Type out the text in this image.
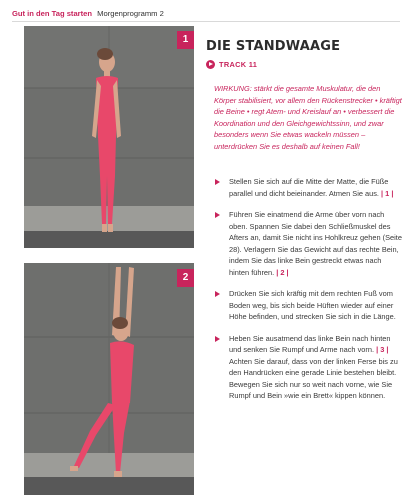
Gut in den Tag starten Morgenprogramm 2
1
2
DIE STANDWAAGE
TRACK 11
WIRKUNG: stärkt die gesamte Muskulatur, die den Körper stabilisiert, vor allem den Rückenstrecker • kräftigt die Beine • regt Atem- und Kreislauf an • verbessert die Koordination und den Gleichgewichtssinn, und zwar besonders wenn Sie etwas wackeln müssen – unterdrücken Sie es deshalb auf keinen Fall!
Stellen Sie sich auf die Mitte der Matte, die Füße parallel und dicht beieinander. Atmen Sie aus. | 1 |
Führen Sie einatmend die Arme über vorn nach oben. Spannen Sie dabei den Schließmuskel des Afters an, damit Sie nicht ins Hohlkreuz gehen (Seite 28). Verlagern Sie das Gewicht auf das rechte Bein, indem Sie das linke Bein gestreckt etwas nach hinten führen. | 2 |
Drücken Sie sich kräftig mit dem rechten Fuß vom Boden weg, bis sich beide Hüften wieder auf einer Höhe befinden, und strecken Sie sich in die Länge.
Heben Sie ausatmend das linke Bein nach hinten und senken Sie Rumpf und Arme nach vorn. | 3 | Achten Sie darauf, dass von der linken Ferse bis zu den Handrücken eine gerade Linie bestehen bleibt. Bewegen Sie sich nur so weit nach vorne, wie Sie Rumpf und Bein »wie ein Brett« kippen können.
